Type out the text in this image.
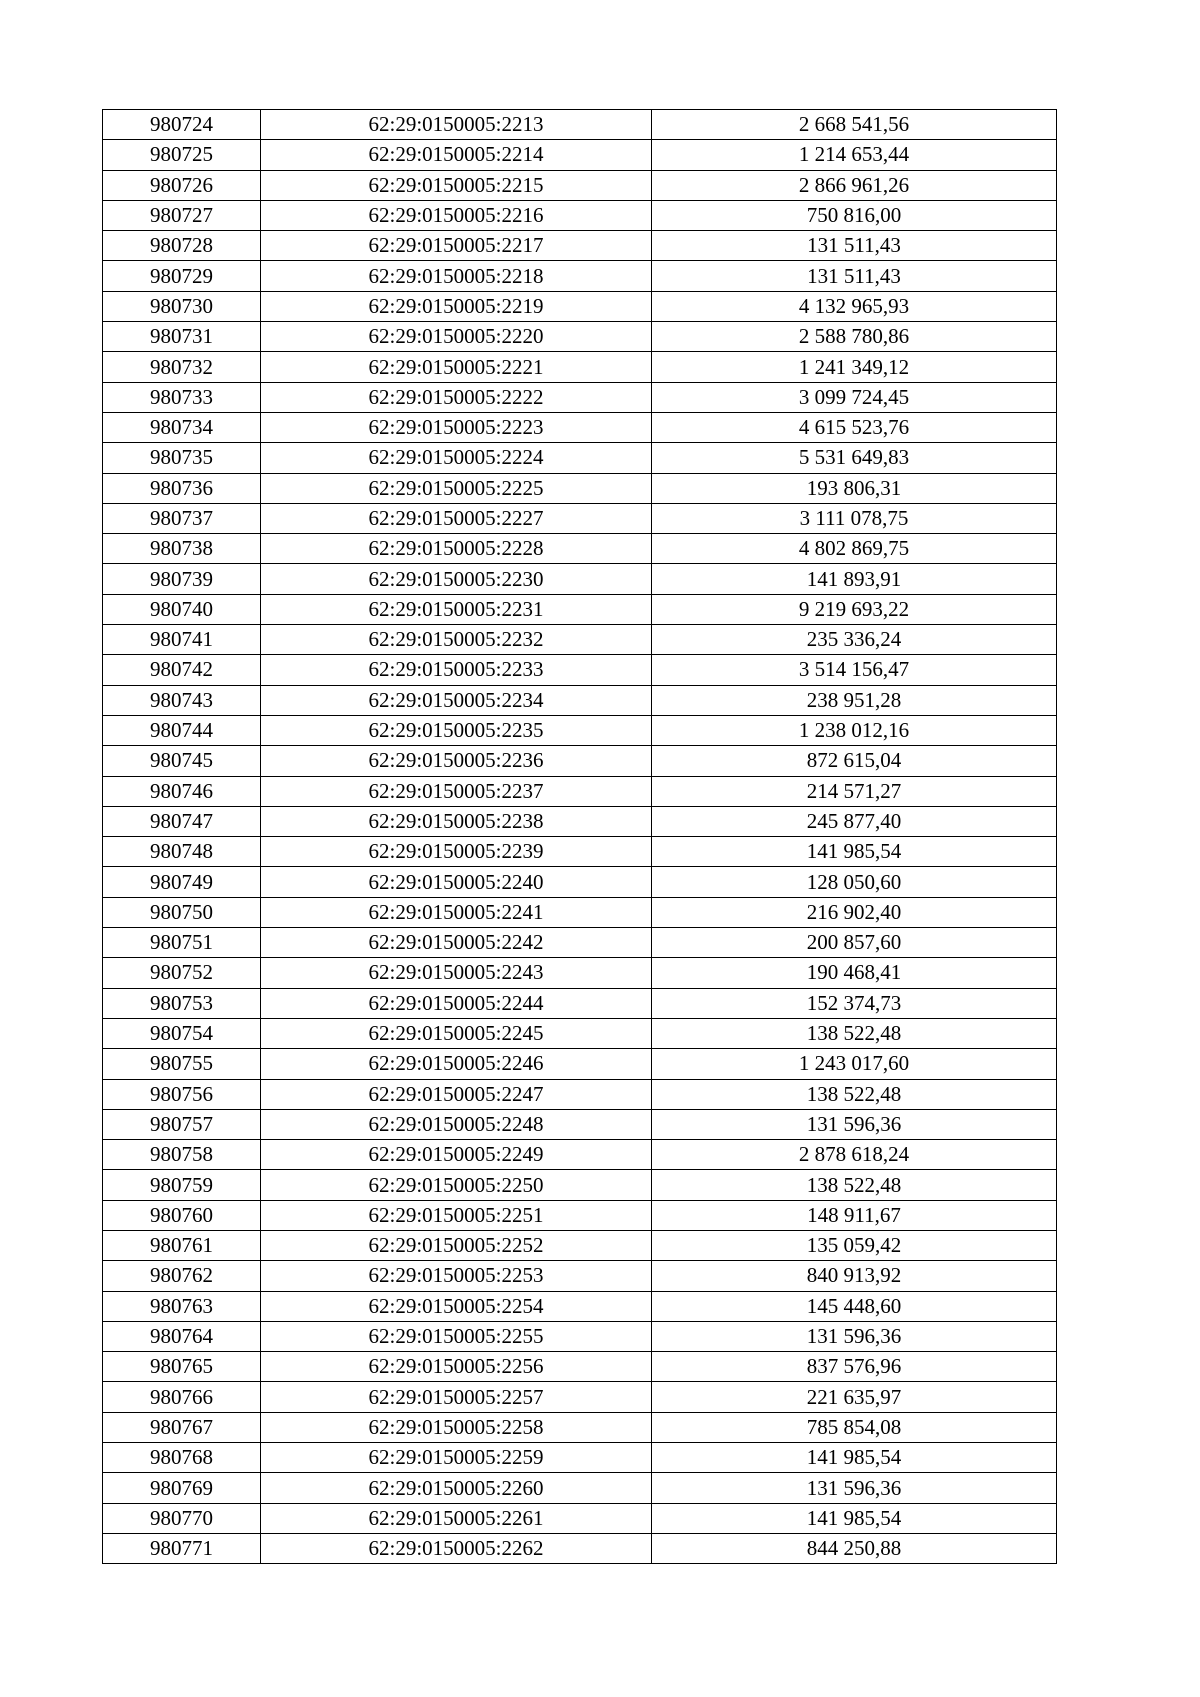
980724	62:29:0150005:2213	2 668 541,56
980725	62:29:0150005:2214	1 214 653,44
980726	62:29:0150005:2215	2 866 961,26
980727	62:29:0150005:2216	750 816,00
980728	62:29:0150005:2217	131 511,43
980729	62:29:0150005:2218	131 511,43
980730	62:29:0150005:2219	4 132 965,93
980731	62:29:0150005:2220	2 588 780,86
980732	62:29:0150005:2221	1 241 349,12
980733	62:29:0150005:2222	3 099 724,45
980734	62:29:0150005:2223	4 615 523,76
980735	62:29:0150005:2224	5 531 649,83
980736	62:29:0150005:2225	193 806,31
980737	62:29:0150005:2227	3 111 078,75
980738	62:29:0150005:2228	4 802 869,75
980739	62:29:0150005:2230	141 893,91
980740	62:29:0150005:2231	9 219 693,22
980741	62:29:0150005:2232	235 336,24
980742	62:29:0150005:2233	3 514 156,47
980743	62:29:0150005:2234	238 951,28
980744	62:29:0150005:2235	1 238 012,16
980745	62:29:0150005:2236	872 615,04
980746	62:29:0150005:2237	214 571,27
980747	62:29:0150005:2238	245 877,40
980748	62:29:0150005:2239	141 985,54
980749	62:29:0150005:2240	128 050,60
980750	62:29:0150005:2241	216 902,40
980751	62:29:0150005:2242	200 857,60
980752	62:29:0150005:2243	190 468,41
980753	62:29:0150005:2244	152 374,73
980754	62:29:0150005:2245	138 522,48
980755	62:29:0150005:2246	1 243 017,60
980756	62:29:0150005:2247	138 522,48
980757	62:29:0150005:2248	131 596,36
980758	62:29:0150005:2249	2 878 618,24
980759	62:29:0150005:2250	138 522,48
980760	62:29:0150005:2251	148 911,67
980761	62:29:0150005:2252	135 059,42
980762	62:29:0150005:2253	840 913,92
980763	62:29:0150005:2254	145 448,60
980764	62:29:0150005:2255	131 596,36
980765	62:29:0150005:2256	837 576,96
980766	62:29:0150005:2257	221 635,97
980767	62:29:0150005:2258	785 854,08
980768	62:29:0150005:2259	141 985,54
980769	62:29:0150005:2260	131 596,36
980770	62:29:0150005:2261	141 985,54
980771	62:29:0150005:2262	844 250,88
